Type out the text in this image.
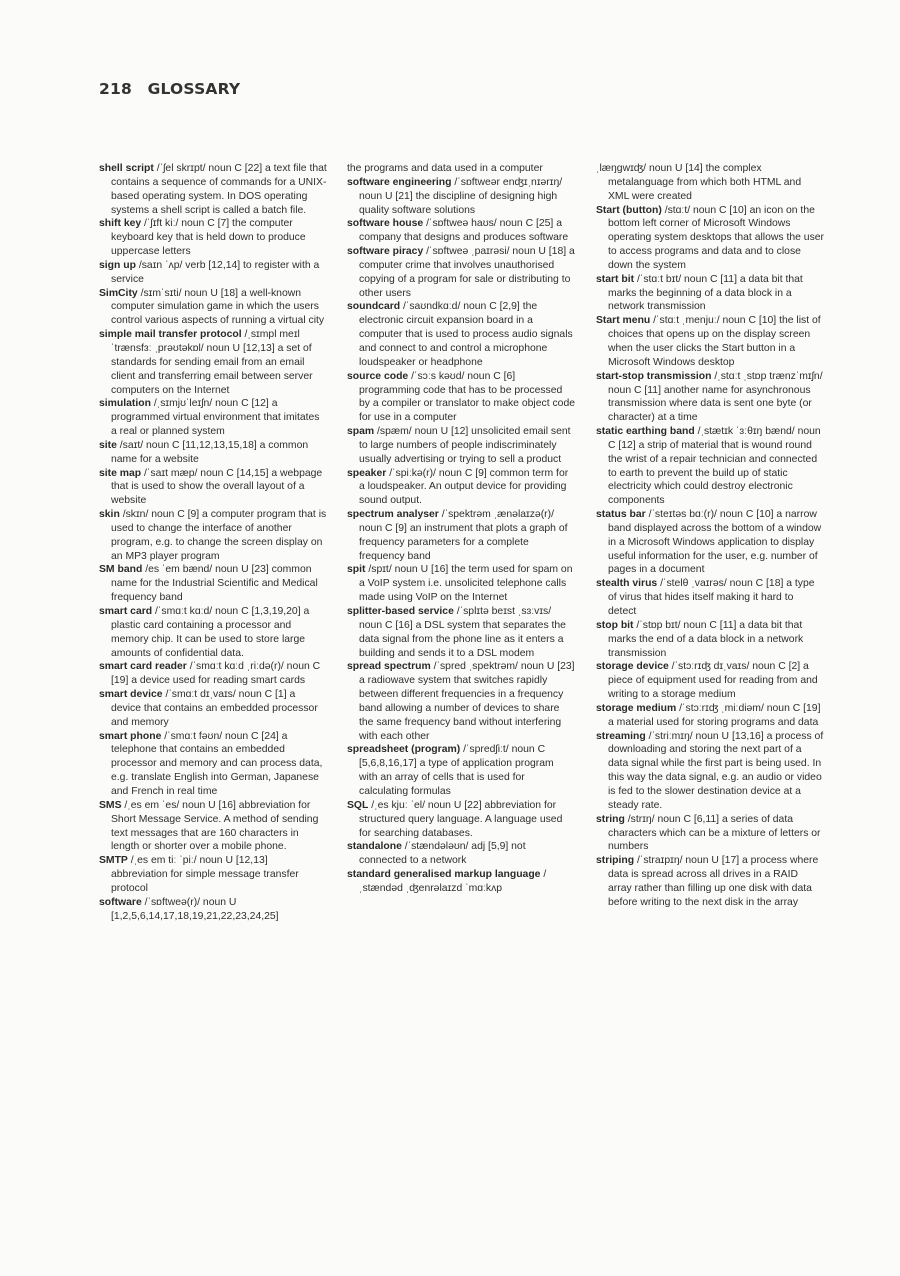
218 GLOSSARY

shell script /ˈʃel skrɪpt/ noun C [22] a text file that contains a sequence of commands for a UNIX-based operating system. In DOS operating systems a shell script is called a batch file.

shift key /ˈʃɪft kiː/ noun C [7] the computer keyboard key that is held down to produce uppercase letters

sign up /saɪn ˈʌp/ verb [12,14] to register with a service

SimCity /sɪmˈsɪti/ noun U [18] a well-known computer simulation game in which the users control various aspects of running a virtual city

simple mail transfer protocol /ˌsɪmpl meɪl ˈtrænsfɜː ˌprəʊtəkɒl/ noun U [12,13] a set of standards for sending email from an email client and transferring email between server computers on the Internet

simulation /ˌsɪmjʊˈleɪʃn/ noun C [12] a programmed virtual environment that imitates a real or planned system

site /saɪt/ noun C [11,12,13,15,18] a common name for a website

site map /ˈsaɪt mæp/ noun C [14,15] a webpage that is used to show the overall layout of a website

skin /skɪn/ noun C [9] a computer program that is used to change the interface of another program, e.g. to change the screen display on an MP3 player program

SM band /es ˈem bænd/ noun U [23] common name for the Industrial Scientific and Medical frequency band

smart card /ˈsmɑːt kɑːd/ noun C [1,3,19,20] a plastic card containing a processor and memory chip. It can be used to store large amounts of confidential data.

smart card reader /ˈsmɑːt kɑːd ˌriːdə(r)/ noun C [19] a device used for reading smart cards

smart device /ˈsmɑːt dɪˌvaɪs/ noun C [1] a device that contains an embedded processor and memory

smart phone /ˈsmɑːt fəʊn/ noun C [24] a telephone that contains an embedded processor and memory and can process data, e.g. translate English into German, Japanese and French in real time

SMS /ˌes em ˈes/ noun U [16] abbreviation for Short Message Service. A method of sending text messages that are 160 characters in length or shorter over a mobile phone.

SMTP /ˌes em tiː ˈpiː/ noun U [12,13] abbreviation for simple message transfer protocol

software /ˈsɒftweə(r)/ noun U [1,2,5,6,14,17,18,19,21,22,23,24,25]

the programs and data used in a computer

software engineering /ˈsɒftweər enʤɪˌnɪərɪŋ/ noun U [21] the discipline of designing high quality software solutions

software house /ˈsɒftweə haʊs/ noun C [25] a company that designs and produces software

software piracy /ˈsɒftweə ˌpaɪrəsi/ noun U [18] a computer crime that involves unauthorised copying of a program for sale or distributing to other users

soundcard /ˈsaʊndkɑːd/ noun C [2,9] the electronic circuit expansion board in a computer that is used to process audio signals and connect to and control a microphone loudspeaker or headphone

source code /ˈsɔːs kəʊd/ noun C [6] programming code that has to be processed by a compiler or translator to make object code for use in a computer

spam /spæm/ noun U [12] unsolicited email sent to large numbers of people indiscriminately usually advertising or trying to sell a product

speaker /ˈspiːkə(r)/ noun C [9] common term for a loudspeaker. An output device for providing sound output.

spectrum analyser /ˈspektrəm ˌænəlaɪzə(r)/ noun C [9] an instrument that plots a graph of frequency parameters for a complete frequency band

spit /spɪt/ noun U [16] the term used for spam on a VoIP system i.e. unsolicited telephone calls made using VoIP on the Internet

splitter-based service /ˈsplɪtə beɪst ˌsɜːvɪs/ noun C [16] a DSL system that separates the data signal from the phone line as it enters a building and sends it to a DSL modem

spread spectrum /ˈspred ˌspektrəm/ noun U [23] a radiowave system that switches rapidly between different frequencies in a frequency band allowing a number of devices to share the same frequency band without interfering with each other

spreadsheet (program) /ˈspredʃiːt/ noun C [5,6,8,16,17] a type of application program with an array of cells that is used for calculating formulas

SQL /ˌes kjuː ˈel/ noun U [22] abbreviation for structured query language. A language used for searching databases.

standalone /ˈstændələʊn/ adj [5,9] not connected to a network

standard generalised markup language /ˌstændəd ˌʤenrəlaɪzd ˈmɑːkʌp

ˌlæŋgwɪʤ/ noun U [14] the complex metalanguage from which both HTML and XML were created

Start (button) /stɑːt/ noun C [10] an icon on the bottom left corner of Microsoft Windows operating system desktops that allows the user to access programs and data and to close down the system

start bit /ˈstɑːt bɪt/ noun C [11] a data bit that marks the beginning of a data block in a network transmission

Start menu /ˈstɑːt ˌmenjuː/ noun C [10] the list of choices that opens up on the display screen when the user clicks the Start button in a Microsoft Windows desktop

start-stop transmission /ˌstɑːt ˌstɒp trænzˈmɪʃn/ noun C [11] another name for asynchronous transmission where data is sent one byte (or character) at a time

static earthing band /ˌstætɪk ˈɜːθɪŋ bænd/ noun C [12] a strip of material that is wound round the wrist of a repair technician and connected to earth to prevent the build up of static electricity which could destroy electronic components

status bar /ˈsteɪtəs bɑː(r)/ noun C [10] a narrow band displayed across the bottom of a window in a Microsoft Windows application to display useful information for the user, e.g. number of pages in a document

stealth virus /ˈstelθ ˌvaɪrəs/ noun C [18] a type of virus that hides itself making it hard to detect

stop bit /ˈstɒp bɪt/ noun C [11] a data bit that marks the end of a data block in a network transmission

storage device /ˈstɔːrɪʤ dɪˌvaɪs/ noun C [2] a piece of equipment used for reading from and writing to a storage medium

storage medium /ˈstɔːrɪʤ ˌmiːdiəm/ noun C [19] a material used for storing programs and data

streaming /ˈstriːmɪŋ/ noun U [13,16] a process of downloading and storing the next part of a data signal while the first part is being used. In this way the data signal, e.g. an audio or video is fed to the slower destination device at a steady rate.

string /strɪŋ/ noun C [6,11] a series of data characters which can be a mixture of letters or numbers

striping /ˈstraɪpɪŋ/ noun U [17] a process where data is spread across all drives in a RAID array rather than filling up one disk with data before writing to the next disk in the array
